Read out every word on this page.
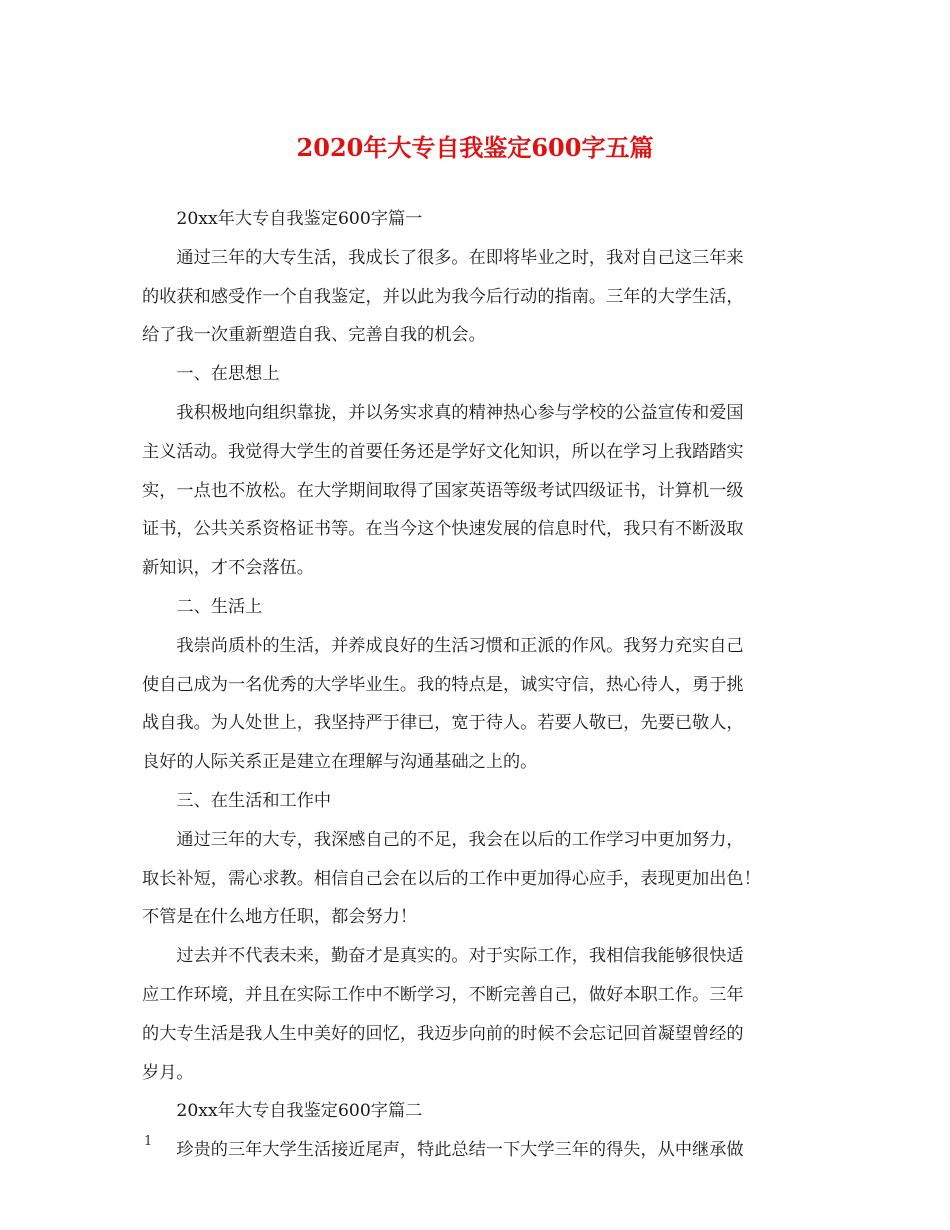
2020年大专自我鉴定600字五篇
20xx年大专自我鉴定600字篇一
通过三年的大专生活，我成长了很多。在即将毕业之时，我对自己这三年来
的收获和感受作一个自我鉴定，并以此为我今后行动的指南。三年的大学生活，
给了我一次重新塑造自我、完善自我的机会。
一、在思想上
我积极地向组织靠拢，并以务实求真的精神热心参与学校的公益宣传和爱国
主义活动。我觉得大学生的首要任务还是学好文化知识，所以在学习上我踏踏实
实，一点也不放松。在大学期间取得了国家英语等级考试四级证书，计算机一级
证书，公共关系资格证书等。在当今这个快速发展的信息时代，我只有不断汲取
新知识，才不会落伍。
二、生活上
我崇尚质朴的生活，并养成良好的生活习惯和正派的作风。我努力充实自己
使自己成为一名优秀的大学毕业生。我的特点是，诚实守信，热心待人，勇于挑
战自我。为人处世上，我坚持严于律已，宽于待人。若要人敬已，先要已敬人，
良好的人际关系正是建立在理解与沟通基础之上的。
三、在生活和工作中
通过三年的大专，我深感自己的不足，我会在以后的工作学习中更加努力，
取长补短，需心求教。相信自己会在以后的工作中更加得心应手，表现更加出色！
不管是在什么地方任职，都会努力！
过去并不代表未来，勤奋才是真实的。对于实际工作，我相信我能够很快适
应工作环境，并且在实际工作中不断学习，不断完善自己，做好本职工作。三年
的大专生活是我人生中美好的回忆，我迈步向前的时候不会忘记回首凝望曾经的
岁月。
20xx年大专自我鉴定600字篇二
珍贵的三年大学生活接近尾声，特此总结一下大学三年的得失，从中继承做
1
